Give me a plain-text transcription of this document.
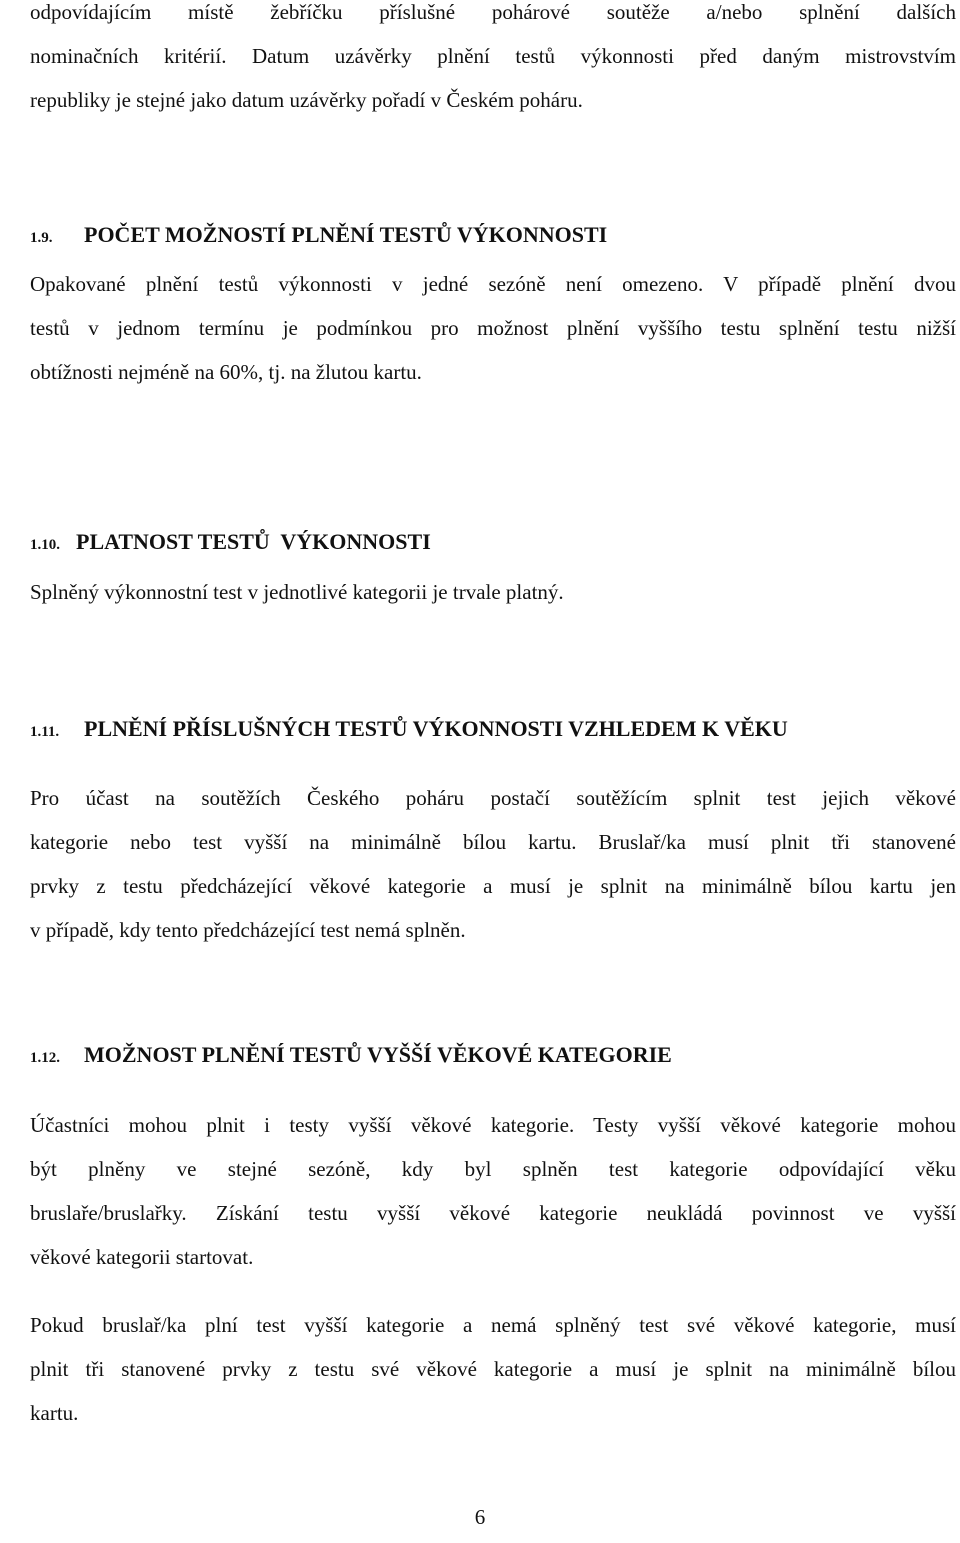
odpovídajícím místě žebříčku příslušné pohárové soutěže a/nebo splnění dalších
nominačních kritérií. Datum uzávěrky plnění testů výkonnosti před daným mistrovstvím
republiky je stejné jako datum uzávěrky pořadí v Českém poháru.

1.9. POČET MOŽNOSTÍ PLNĚNÍ TESTŮ VÝKONNOSTI

Opakované plnění testů výkonnosti v jedné sezóně není omezeno. V případě plnění dvou
testů v jednom termínu je podmínkou pro možnost plnění vyššího testu splnění testu nižší
obtížnosti nejméně na 60%, tj. na žlutou kartu.

1.10. PLATNOST TESTŮ  VÝKONNOSTI

Splněný výkonnostní test v jednotlivé kategorii je trvale platný.

1.11. PLNĚNÍ PŘÍSLUŠNÝCH TESTŮ VÝKONNOSTI VZHLEDEM K VĚKU

Pro účast na soutěžích Českého poháru postačí soutěžícím splnit test jejich věkové
kategorie nebo test vyšší na minimálně bílou kartu. Bruslař/ka musí plnit tři stanovené
prvky z testu předcházející věkové kategorie a musí je splnit na minimálně bílou kartu jen
v případě, kdy tento předcházející test nemá splněn.

1.12. MOŽNOST PLNĚNÍ TESTŮ VYŠŠÍ VĚKOVÉ KATEGORIE

Účastníci mohou plnit i testy vyšší věkové kategorie. Testy vyšší věkové kategorie mohou
být plněny ve stejné sezóně, kdy byl splněn test kategorie odpovídající věku
bruslaře/bruslařky. Získání testu vyšší věkové kategorie neukládá povinnost ve vyšší
věkové kategorii startovat.

Pokud bruslař/ka plní test vyšší kategorie a nemá splněný test své věkové kategorie, musí
plnit tři stanovené prvky z testu své věkové kategorie a musí je splnit na minimálně bílou
kartu.

6
